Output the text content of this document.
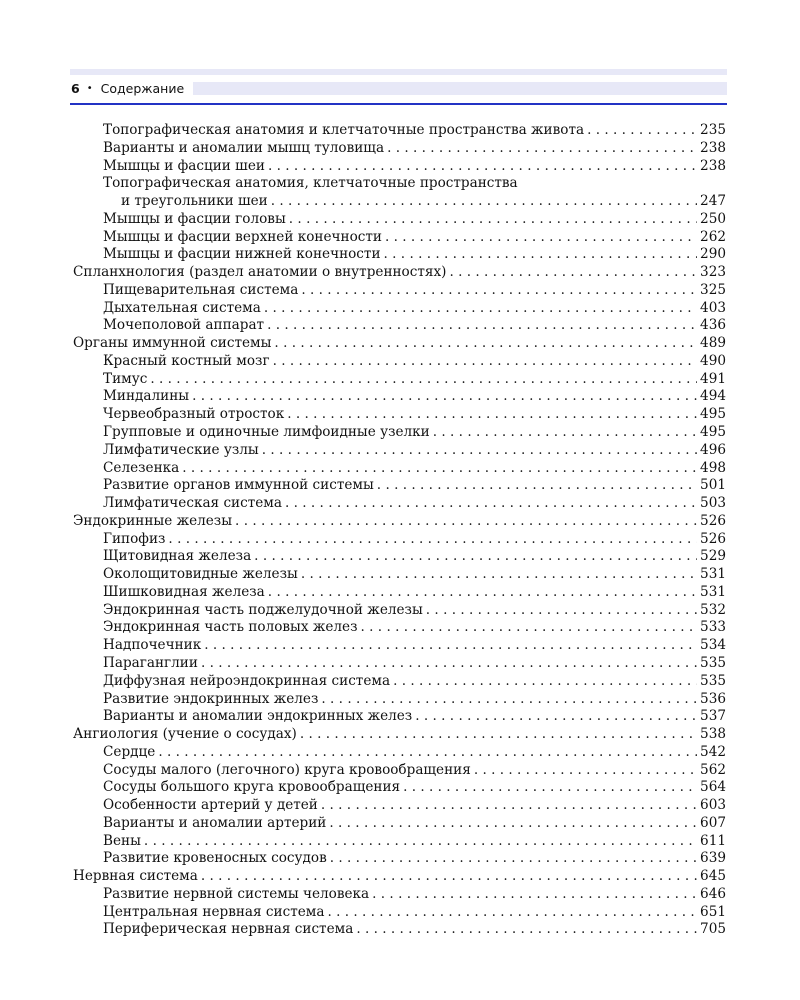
6 • Содержание
Топографическая анатомия и клетчаточные пространства живота . . .	235
Варианты и аномалии мышц туловища . . .	238
Мышцы и фасции шеи . . .	238
Топографическая анатомия, клетчаточные пространства
и треугольники шеи . . .	247
Мышцы и фасции головы . . .	250
Мышцы и фасции верхней конечности . . .	262
Мышцы и фасции нижней конечности . . .	290
Спланхнология (раздел анатомии о внутренностях) . . .	323
Пищеварительная система . . .	325
Дыхательная система . . .	403
Мочеполовой аппарат . . .	436
Органы иммунной системы . . .	489
Красный костный мозг . . .	490
Тимус . . .	491
Миндалины . . .	494
Червеобразный отросток . . .	495
Групповые и одиночные лимфоидные узелки . . .	495
Лимфатические узлы . . .	496
Селезенка . . .	498
Развитие органов иммунной системы . . .	501
Лимфатическая система . . .	503
Эндокринные железы . . .	526
Гипофиз . . .	526
Щитовидная железа . . .	529
Околощитовидные железы . . .	531
Шишковидная железа . . .	531
Эндокринная часть поджелудочной железы . . .	532
Эндокринная часть половых желез . . .	533
Надпочечник . . .	534
Параганглии . . .	535
Диффузная нейроэндокринная система . . .	535
Развитие эндокринных желез . . .	536
Варианты и аномалии эндокринных желез . . .	537
Ангиология (учение о сосудах) . . .	538
Сердце . . .	542
Сосуды малого (легочного) круга кровообращения . . .	562
Сосуды большого круга кровообращения . . .	564
Особенности артерий у детей . . .	603
Варианты и аномалии артерий . . .	607
Вены . . .	611
Развитие кровеносных сосудов . . .	639
Нервная система . . .	645
Развитие нервной системы человека . . .	646
Центральная нервная система . . .	651
Периферическая нервная система . . .	705
